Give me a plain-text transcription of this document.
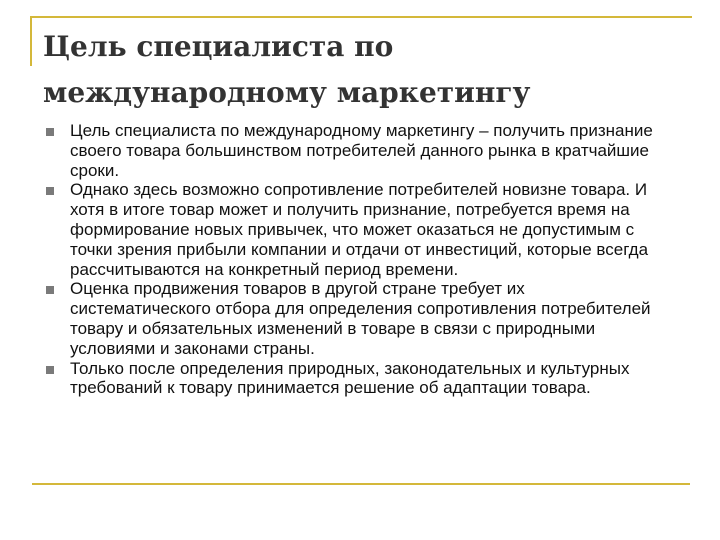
Цель специалиста по международному маркетингу
Цель специалиста по международному маркетингу – получить признание своего товара большинством потребителей данного рынка в кратчайшие сроки.
Однако здесь возможно сопротивление потребителей новизне товара. И хотя в итоге товар может и получить признание, потребуется время на формирование новых привычек, что может оказаться не допустимым с точки зрения прибыли компании и отдачи от инвестиций, которые всегда рассчитываются на конкретный период времени.
Оценка продвижения товаров в другой стране требует их систематического отбора для определения сопротивления потребителей товару и обязательных изменений в товаре в связи с природными условиями и законами страны.
Только после определения природных, законодательных и культурных требований к товару принимается решение об адаптации товара.
